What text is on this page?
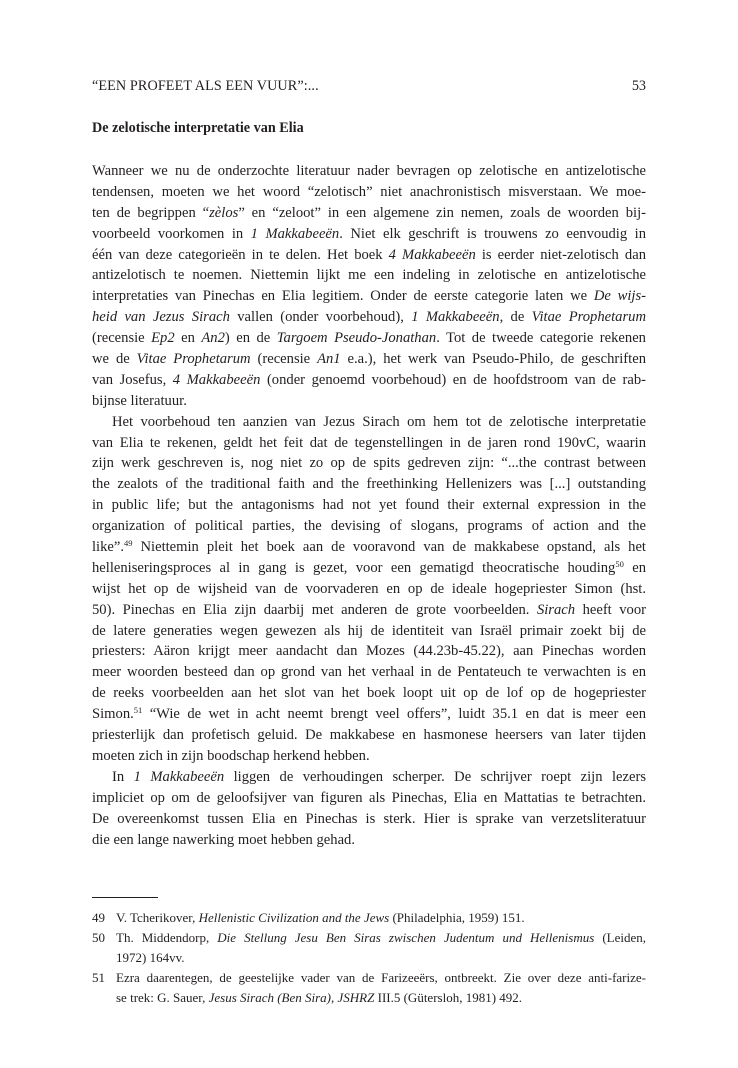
“EEN PROFEET ALS EEN VUUR”:...	53
De zelotische interpretatie van Elia
Wanneer we nu de onderzochte literatuur nader bevragen op zelotische en antizelotische
tendensen, moeten we het woord “zelotisch” niet anachronistisch misverstaan. We moe-
ten de begrippen “zèlos” en “zeloot” in een algemene zin nemen, zoals de woorden bij-
voorbeeld voorkomen in 1 Makkabeeën. Niet elk geschrift is trouwens zo eenvoudig in
één van deze categorieën in te delen. Het boek 4 Makkabeeën is eerder niet-zelotisch dan
antizelotisch te noemen. Niettemin lijkt me een indeling in zelotische en antizelotische
interpretaties van Pinechas en Elia legitiem. Onder de eerste categorie laten we De wijs-
heid van Jezus Sirach vallen (onder voorbehoud), 1 Makkabeeën, de Vitae Prophetarum
(recensie Ep2 en An2) en de Targoem Pseudo-Jonathan. Tot de tweede categorie rekenen
we de Vitae Prophetarum (recensie An1 e.a.), het werk van Pseudo-Philo, de geschriften
van Josefus, 4 Makkabeeën (onder genoemd voorbehoud) en de hoofdstroom van de rab-
bijnse literatuur.
Het voorbehoud ten aanzien van Jezus Sirach om hem tot de zelotische interpretatie
van Elia te rekenen, geldt het feit dat de tegenstellingen in de jaren rond 190vC, waarin
zijn werk geschreven is, nog niet zo op de spits gedreven zijn: “...the contrast between
the zealots of the traditional faith and the freethinking Hellenizers was [...] outstanding
in public life; but the antagonisms had not yet found their external expression in the
organization of political parties, the devising of slogans, programs of action and the
like”.$^{49}$ Niettemin pleit het boek aan de vooravond van de makkabese opstand, als het
helleniseringsproces al in gang is gezet, voor een gematigd theocratische houding$^{50}$ en
wijst het op de wijsheid van de voorvaderen en op de ideale hogepriester Simon (hst.
50). Pinechas en Elia zijn daarbij met anderen de grote voorbeelden. Sirach heeft voor
de latere generaties wegen gewezen als hij de identiteit van Israël primair zoekt bij de
priesters: Aäron krijgt meer aandacht dan Mozes (44.23b-45.22), aan Pinechas worden
meer woorden besteed dan op grond van het verhaal in de Pentateuch te verwachten is en
de reeks voorbeelden aan het slot van het boek loopt uit op de lof op de hogepriester
Simon.$^{51}$ “Wie de wet in acht neemt brengt veel offers”, luidt 35.1 en dat is meer een
priesterlijk dan profetisch geluid. De makkabese en hasmonese heersers van later tijden
moeten zich in zijn boodschap herkend hebben.
In 1 Makkabeeën liggen de verhoudingen scherper. De schrijver roept zijn lezers
impliciet op om de geloofsijver van figuren als Pinechas, Elia en Mattatias te betrachten.
De overeenkomst tussen Elia en Pinechas is sterk. Hier is sprake van verzetsliteratuur
die een lange nawerking moet hebben gehad.
49 V. Tcherikover, Hellenistic Civilization and the Jews (Philadelphia, 1959) 151.
50 Th. Middendorp, Die Stellung Jesu Ben Siras zwischen Judentum und Hellenismus (Leiden,
1972) 164vv.
51 Ezra daarentegen, de geestelijke vader van de Farizeeërs, ontbreekt. Zie over deze anti-farize-
se trek: G. Sauer, Jesus Sirach (Ben Sira), JSHRZ III.5 (Gütersloh, 1981) 492.
